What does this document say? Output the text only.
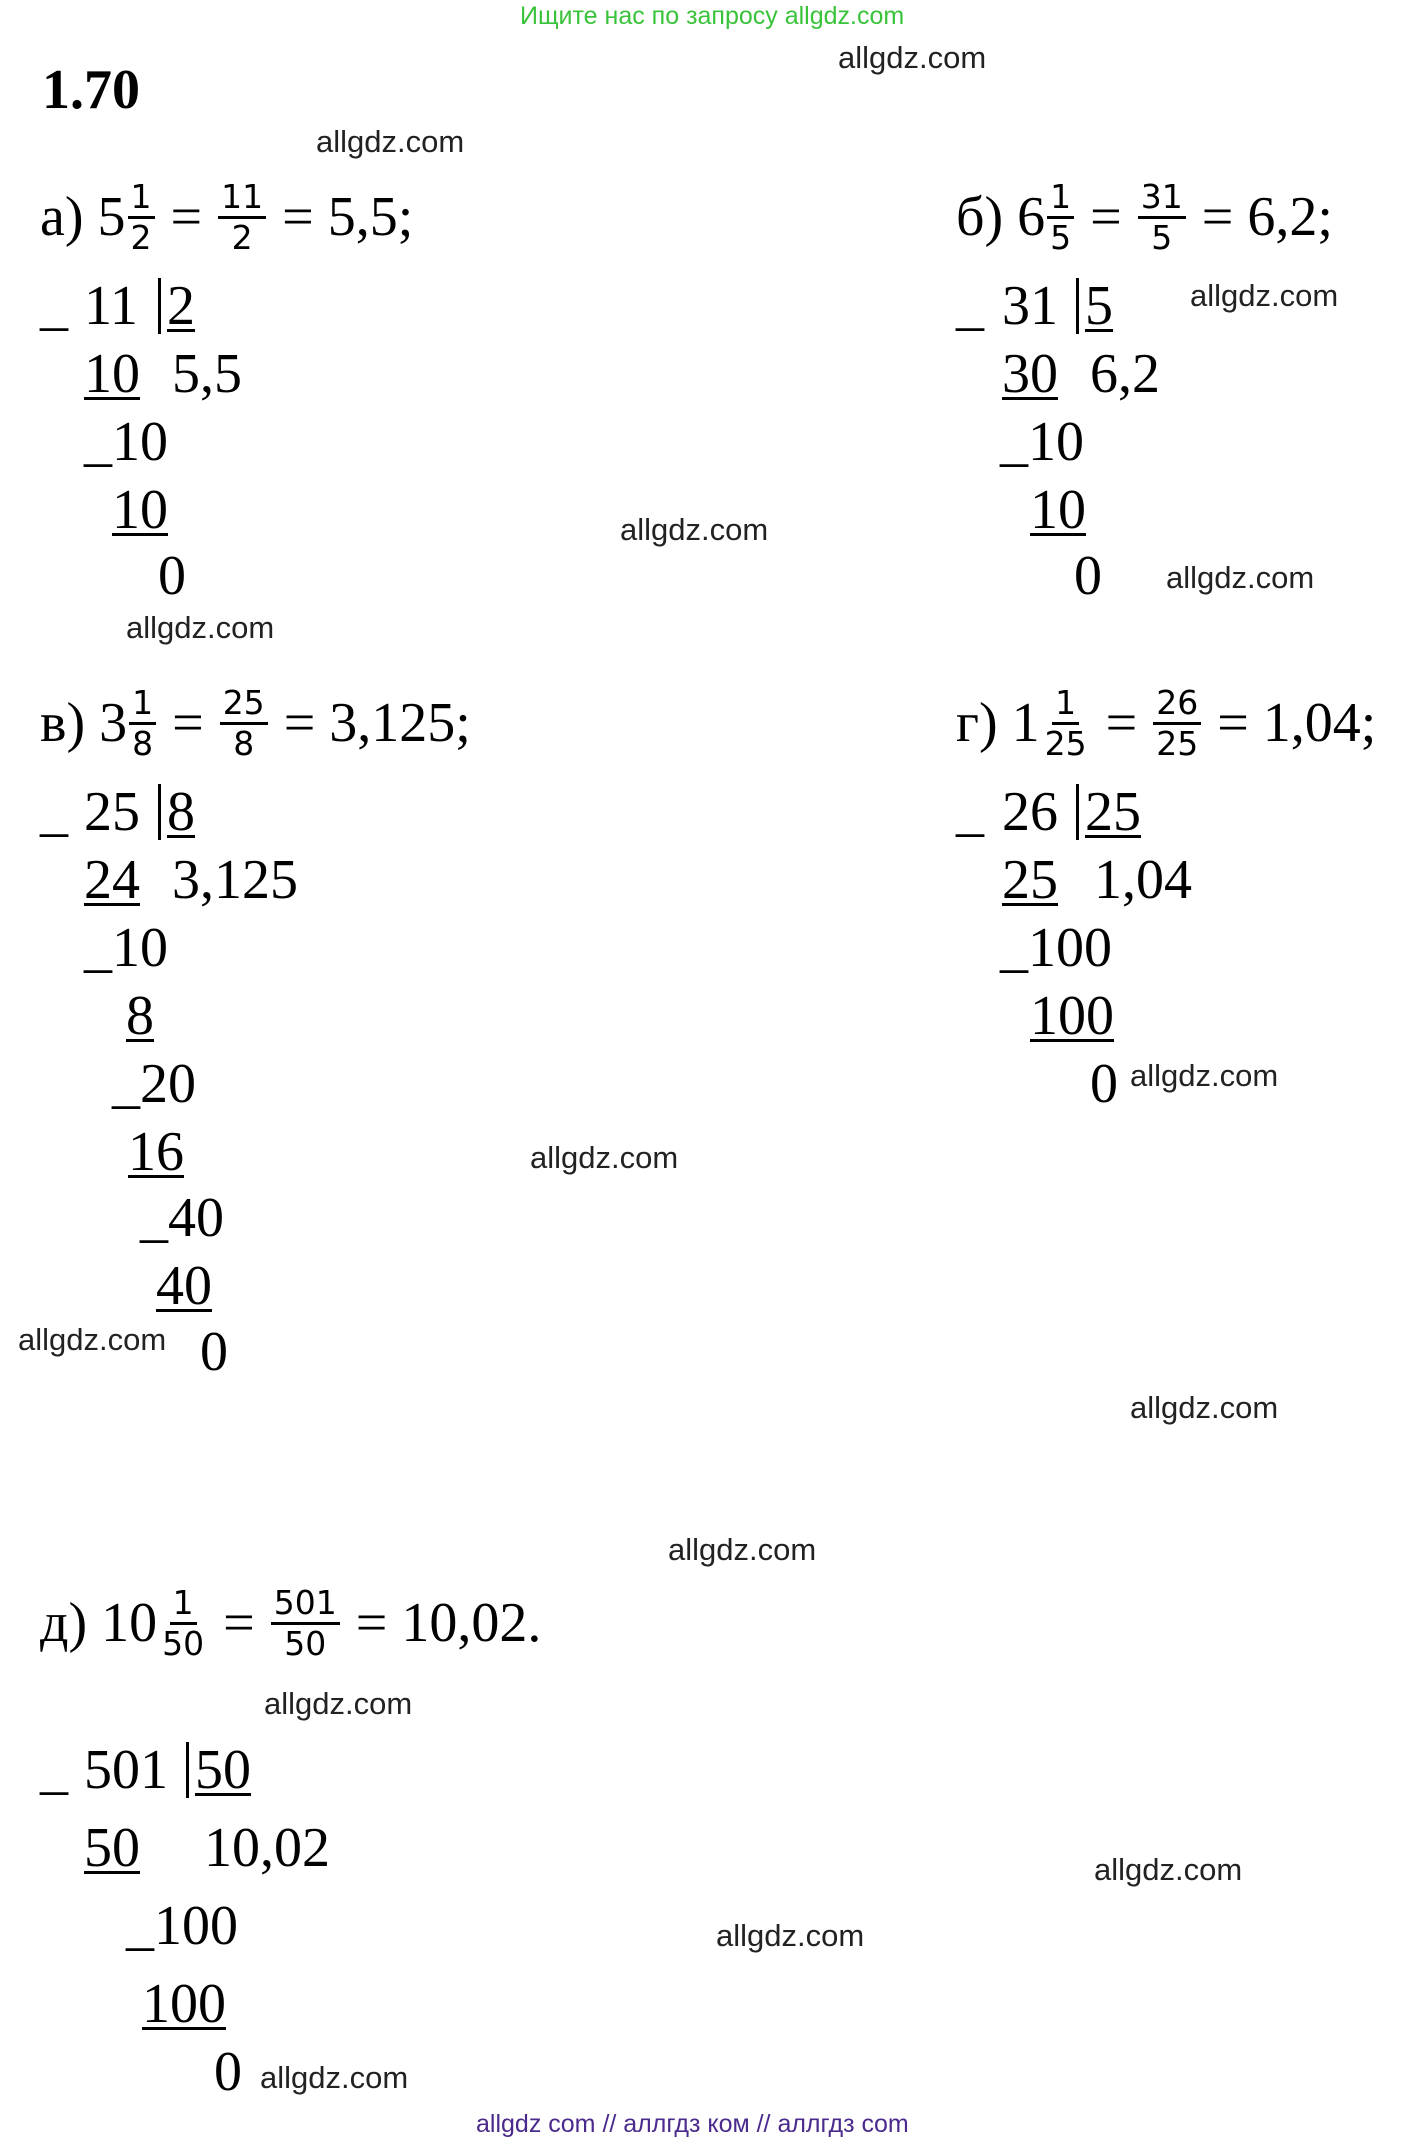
Ищите нас по запросу allgdz.com
1.70
allgdz.com
allgdz.com
allgdz.com
allgdz.com
allgdz.com
allgdz.com
allgdz.com
allgdz.com
allgdz.com
allgdz.com
allgdz.com
allgdz.com
allgdz.com
allgdz.com
allgdz.com
а)
$5 \frac{1}{2} = \frac{11}{2}$
= 5,5;
_ 11 2
10 5,5
_10
10
0
б)
$6 \frac{1}{5} = \frac{31}{5}$
= 6,2;
_ 31 5
30 6,2
_10
10
0
в)
$3 \frac{1}{8} = \frac{25}{8}$
= 3,125;
_ 25 8
24 3,125
_10
8
_20
16
_40
40
0
г)
$1 \frac{1}{25} = \frac{26}{25}$
= 1,04;
_ 26 25
25 1,04
_100
100
0
д)
$10 \frac{1}{50} = \frac{501}{50}$
= 10,02.
_ 501 50
50 10,02
_100
100
0
allgdz com // аллгдз ком // аллгдз com
